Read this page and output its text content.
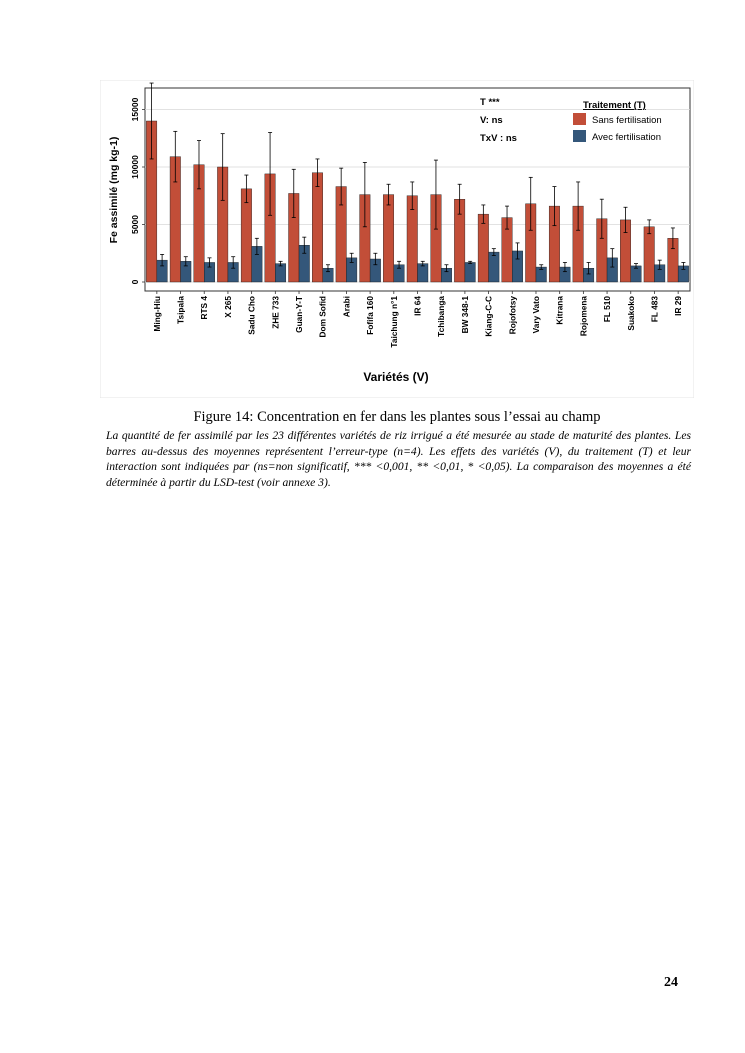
0
5000
10000
15000
Ming-Hiu Tsipala RTS 4 X 265 Sadu Cho ZHE 733 Guan-Y-T Dom Sofid Arabi Fofifa 160 Taichung n°1 IR 64 Tchibanga BW 348-1 Kiang-C-C Rojofotsy Vary Vato Kitrana Rojomena FL 510 Suakoko FL 483 IR 29
Fe assimilé (mg kg-1)
Variétés (V)
T ***
V: ns
TxV : ns
Traitement (T)
Sans fertilisation
Avec fertilisation
Figure 14: Concentration en fer dans les plantes sous l’essai au champ

La quantité de fer assimilé par les 23 différentes variétés de riz irrigué a été mesurée au stade de maturité des plantes. Les barres au-dessus des moyennes représentent l’erreur-type (n=4). Les effets des variétés (V), du traitement (T) et leur interaction sont indiquées par (ns=non significatif, *** <0,001, ** <0,01, * <0,05). La comparaison des moyennes a été déterminée à partir du LSD-test (voir annexe 3).

24
